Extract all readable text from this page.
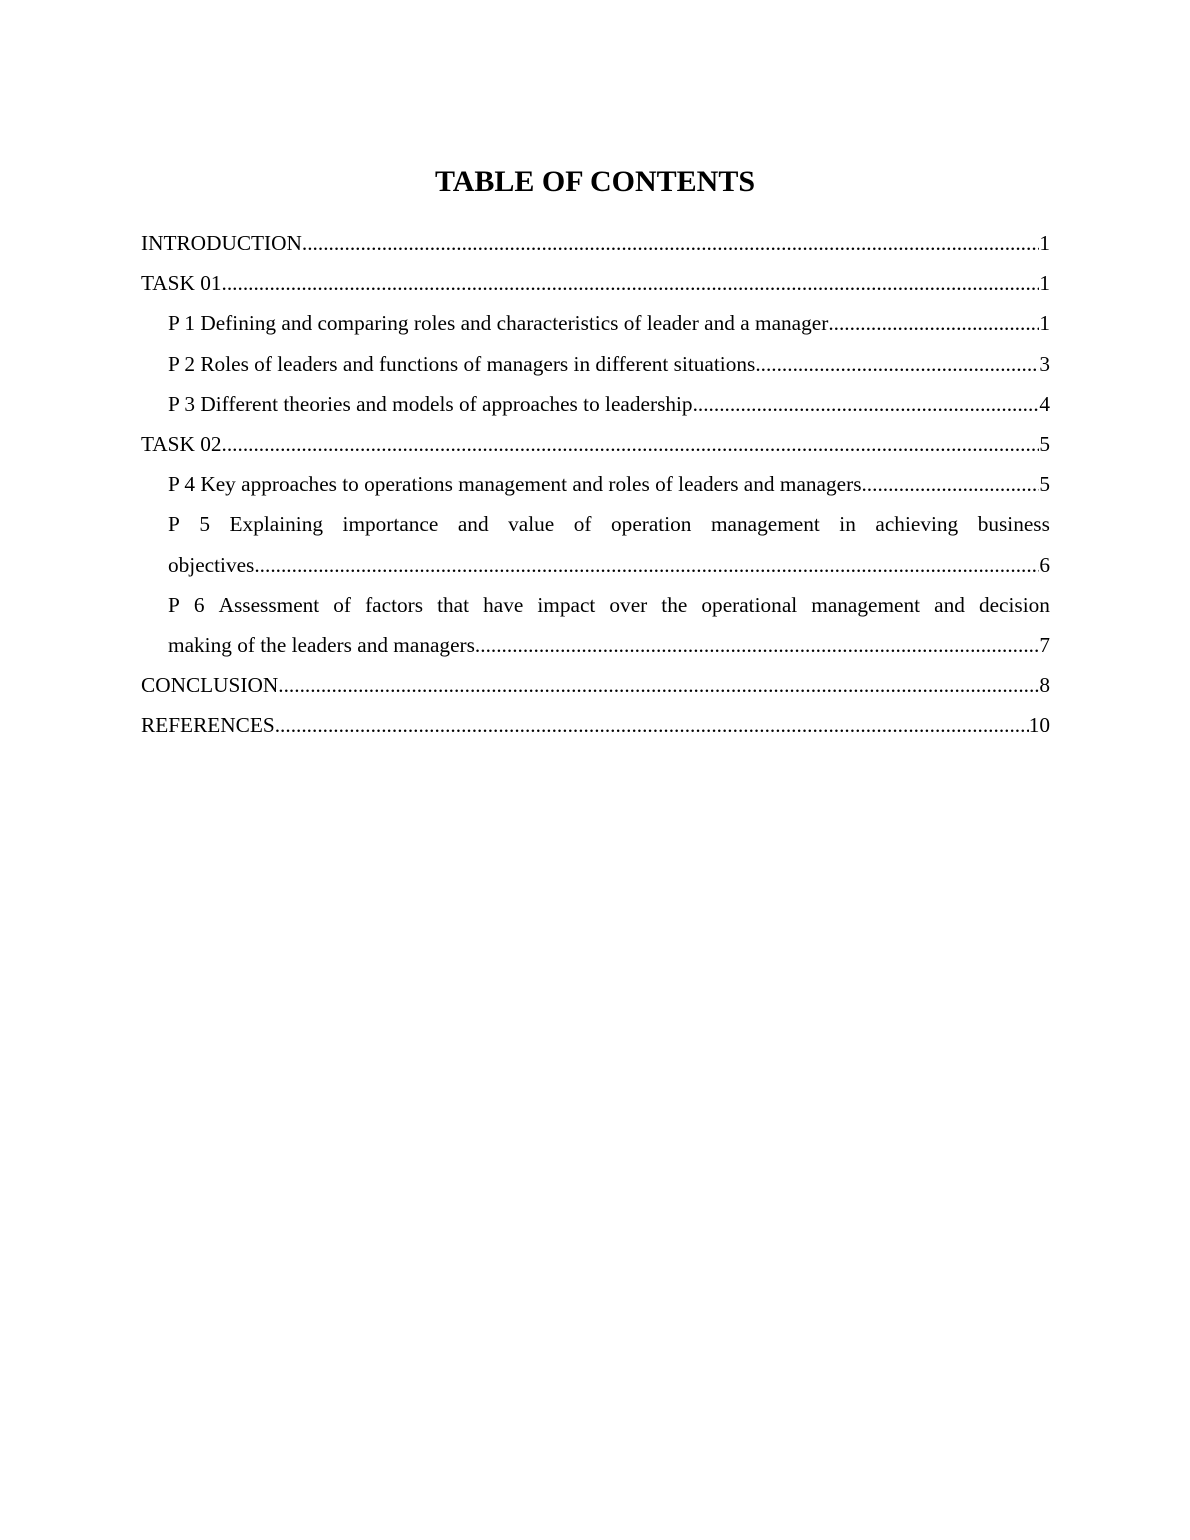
TABLE OF CONTENTS
INTRODUCTION .....	1
TASK 01 .....	1
P 1 Defining and comparing roles and characteristics of leader and a manager .....	1
P 2 Roles of leaders and functions of managers in different situations .....	3
P 3 Different theories and models of approaches to leadership .....	4
TASK 02 .....	5
P 4 Key approaches to operations management and roles of leaders and managers .....	5
P 5 Explaining importance and value of operation management in achieving business
objectives .....	6
P 6 Assessment of factors that have impact over the operational management and decision
making of the leaders and managers .....	7
CONCLUSION .....	8
REFERENCES .....	10
